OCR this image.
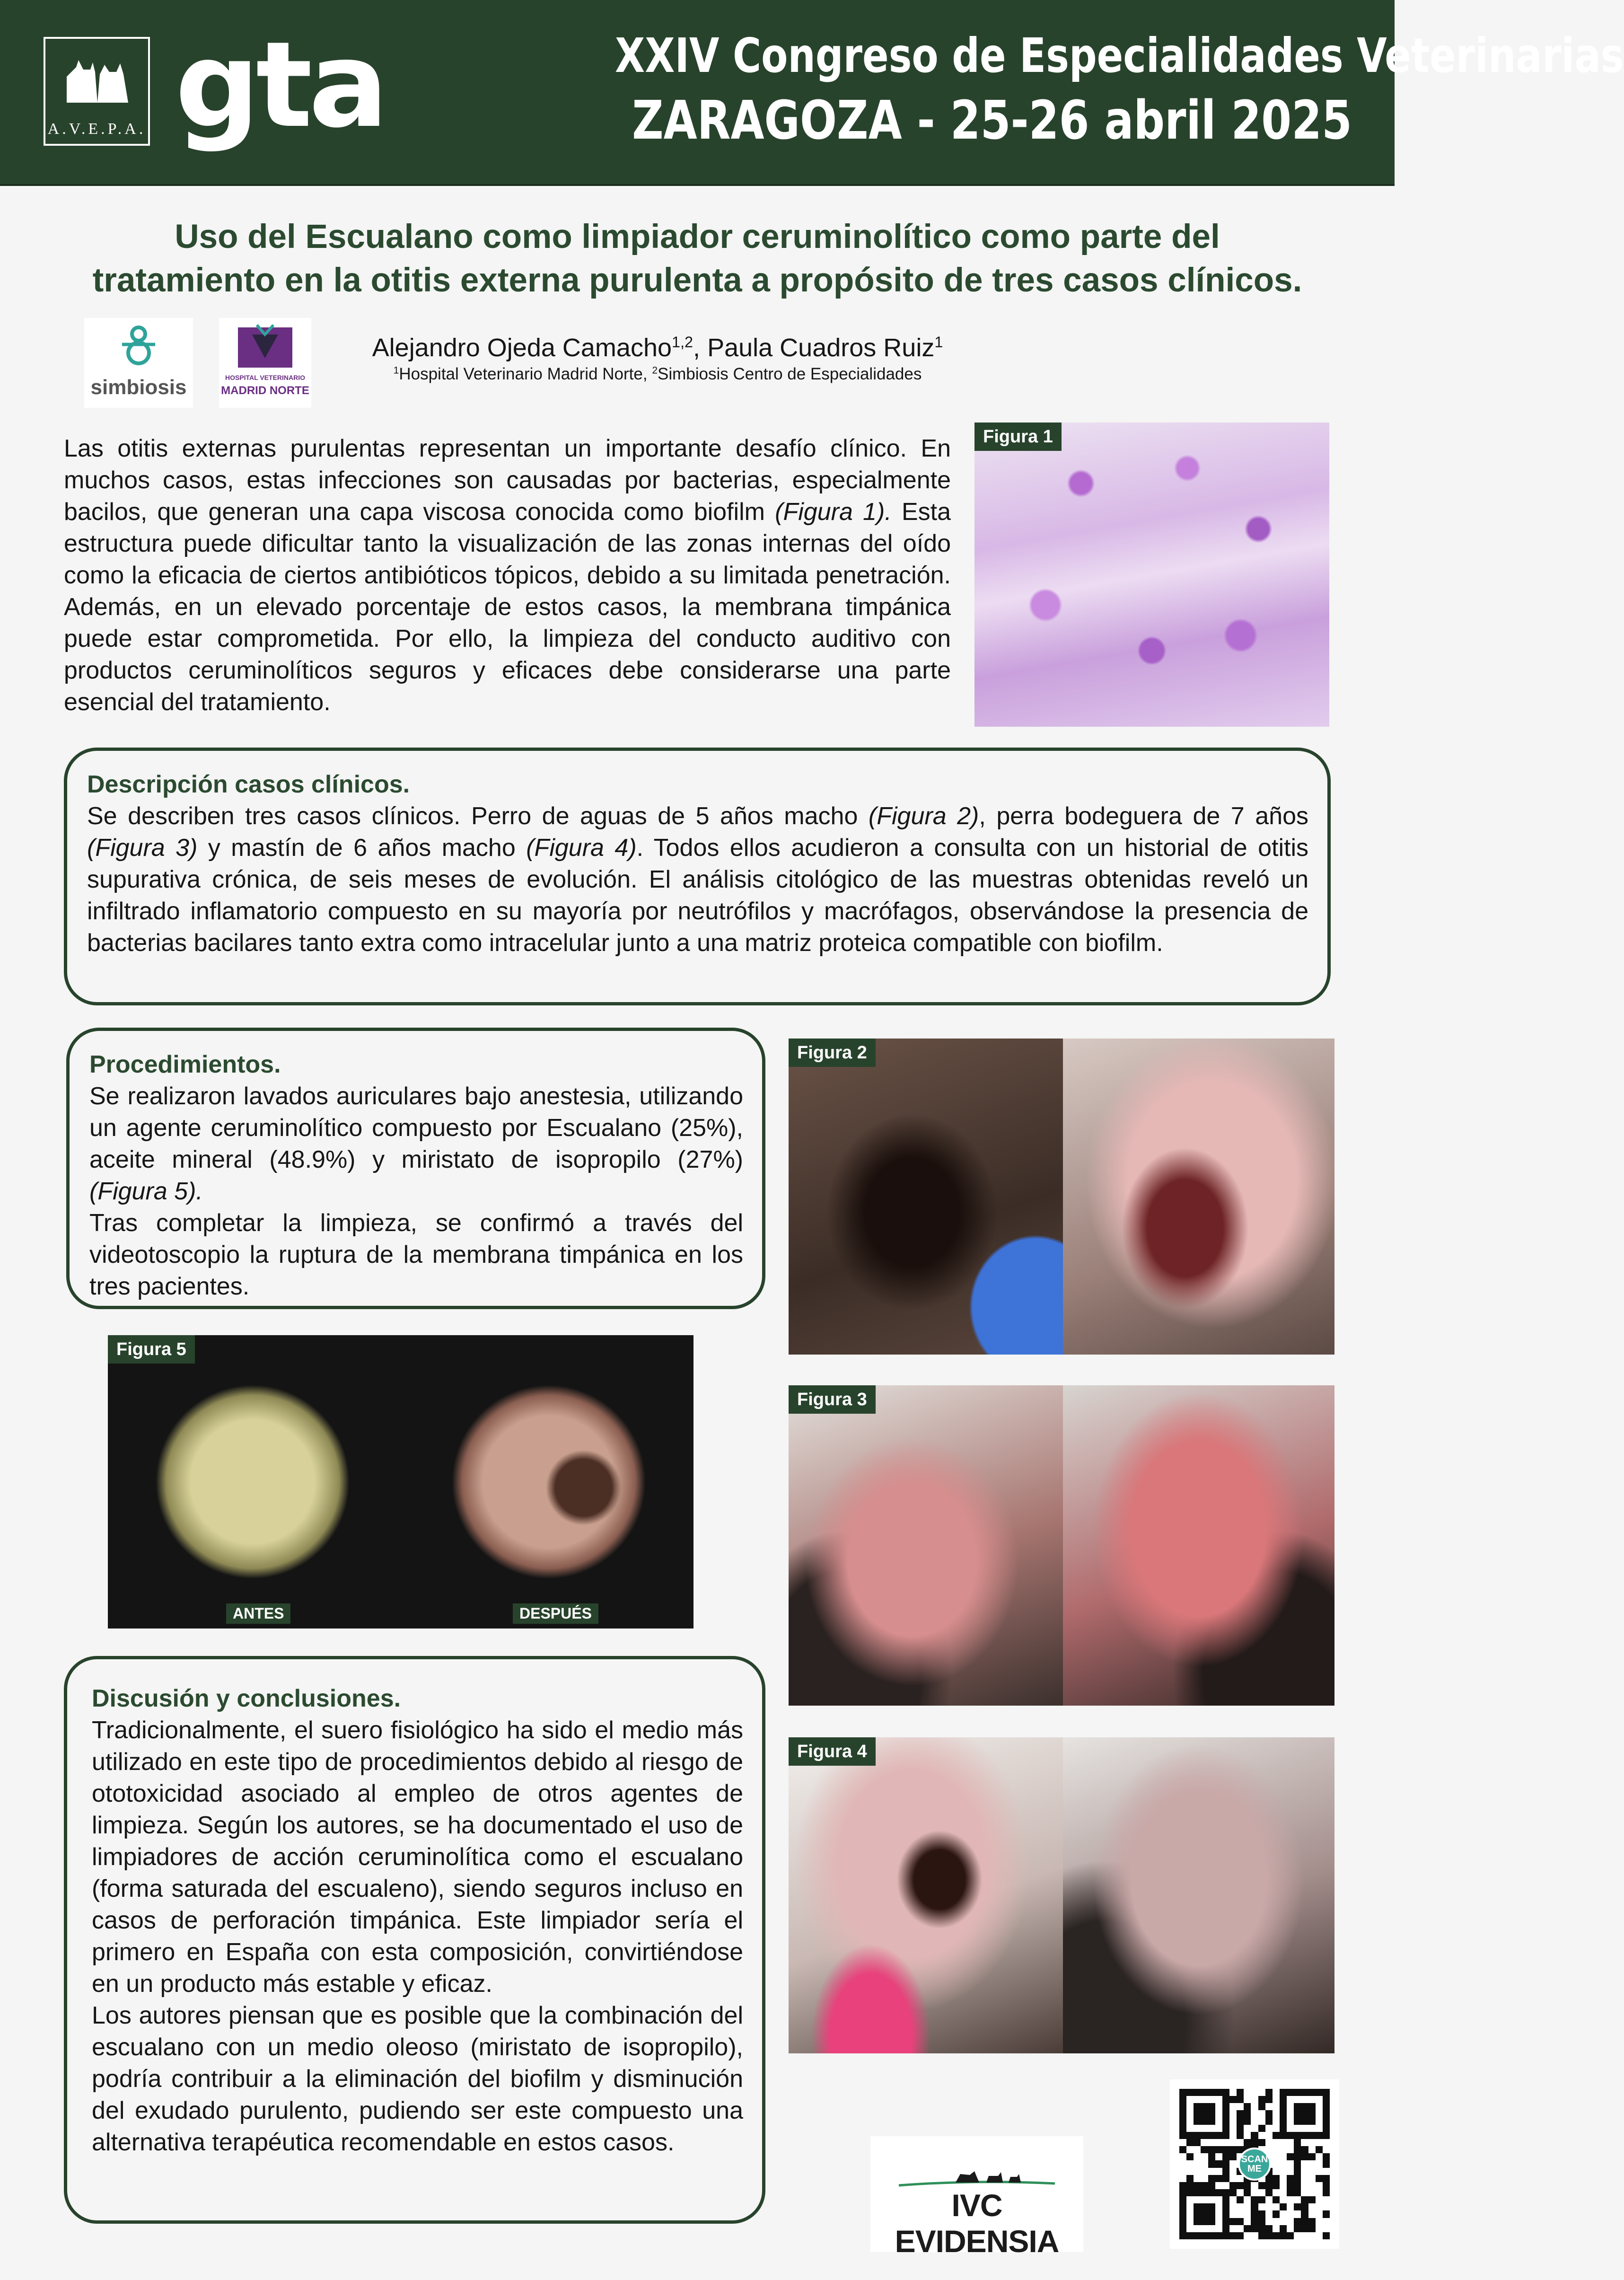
A.V.E.P.A. gta	XXIV Congreso de Especialidades Veterinarias
ZARAGOZA - 25-26 abril 2025
Uso del Escualano como limpiador ceruminolítico como parte del
tratamiento en la otitis externa purulenta a propósito de tres casos clínicos.
simbiosis	HOSPITAL VETERINARIO
MADRID NORTE
Alejandro Ojeda Camacho$^{1,2}$, Paula Cuadros Ruiz$^1$
$^1$Hospital Veterinario Madrid Norte, $^2$Simbiosis Centro de Especialidades
Las otitis externas purulentas representan un importante desafío clínico. En muchos casos, estas infecciones son causadas por bacterias, especialmente bacilos, que generan una capa viscosa conocida como biofilm (Figura 1). Esta estructura puede dificultar tanto la visualización de las zonas internas del oído como la eficacia de ciertos antibióticos tópicos, debido a su limitada penetración. Además, en un elevado porcentaje de estos casos, la membrana timpánica puede estar comprometida. Por ello, la limpieza del conducto auditivo con productos ceruminolíticos seguros y eficaces debe considerarse una parte esencial del tratamiento.
Figura 1
Descripción casos clínicos.
Se describen tres casos clínicos. Perro de aguas de 5 años macho (Figura 2), perra bodeguera de 7 años (Figura 3) y mastín de 6 años macho (Figura 4). Todos ellos acudieron a consulta con un historial de otitis supurativa crónica, de seis meses de evolución. El análisis citológico de las muestras obtenidas reveló un infiltrado inflamatorio compuesto en su mayoría por neutrófilos y macrófagos, observándose la presencia de bacterias bacilares tanto extra como intracelular junto a una matriz proteica compatible con biofilm.
Procedimientos.
Se realizaron lavados auriculares bajo anestesia, utilizando un agente ceruminolítico compuesto por Escualano (25%), aceite mineral (48.9%) y miristato de isopropilo (27%) (Figura 5).
Tras completar la limpieza, se confirmó a través del videotoscopio la ruptura de la membrana timpánica en los tres pacientes.
Figura 2
Figura 5
ANTES	DESPUÉS
Figura 3
Discusión y conclusiones.
Tradicionalmente, el suero fisiológico ha sido el medio más utilizado en este tipo de procedimientos debido al riesgo de ototoxicidad asociado al empleo de otros agentes de limpieza. Según los autores, se ha documentado el uso de limpiadores de acción ceruminolítica como el escualano (forma saturada del escualeno), siendo seguros incluso en casos de perforación timpánica. Este limpiador sería el primero en España con esta composición, convirtiéndose en un producto más estable y eficaz.
Los autores piensan que es posible que la combinación del escualano con un medio oleoso (miristato de isopropilo), podría contribuir a la eliminación del biofilm y disminución del exudado purulento, pudiendo ser este compuesto una alternativa terapéutica recomendable en estos casos.
Figura 4
IVC EVIDENSIA
SCAN ME
